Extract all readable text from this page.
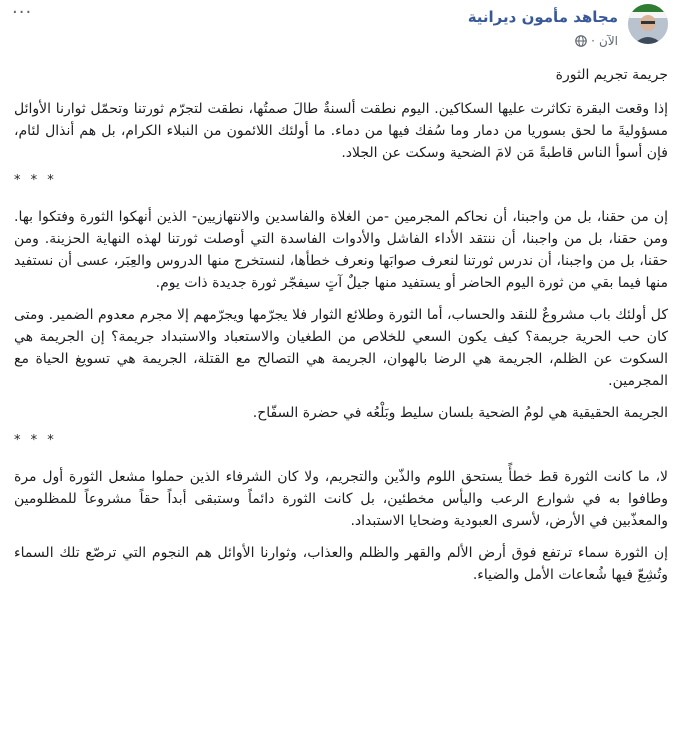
مجاهد مأمون ديرانية
الآن
·
···

جريمة تجريم الثورة

إذا وقعت البقرة تكاثرت عليها السكاكين. اليوم نطقت ألسنةٌ طالَ صمتُها، نطقت لتجرّم ثورتنا وتحمّل ثوارنا الأوائل مسؤوليةَ ما لحق بسوريا من دمار وما سُفك فيها من دماء. ما أولئك اللائمون من النبلاء الكرام، بل هم أنذال لئام، فإن أسوأ الناس قاطبةً مَن لامَ الضحية وسكت عن الجلاد.

* * *

إن من حقنا، بل من واجبنا، أن نحاكم المجرمين -من الغلاة والفاسدين والانتهازيين- الذين أنهكوا الثورة وفتكوا بها. ومن حقنا، بل من واجبنا، أن ننتقد الأداء الفاشل والأدوات الفاسدة التي أوصلت ثورتنا لهذه النهاية الحزينة. ومن حقنا، بل من واجبنا، أن ندرس ثورتنا لنعرف صوابَها ونعرف خطأها، لنستخرج منها الدروس والعِبَر، عسى أن نستفيد منها فيما بقي من ثورة اليوم الحاضر أو يستفيد منها جيلٌ آتٍ سيفجّر ثورة جديدة ذات يوم.

كل أولئك باب مشروعٌ للنقد والحساب، أما الثورة وطلائع الثوار فلا يجرّمها ويجرّمهم إلا مجرم معدوم الضمير. ومتى كان حب الحرية جريمة؟ كيف يكون السعي للخلاص من الطغيان والاستعباد والاستبداد جريمة؟ إن الجريمة هي السكوت عن الظلم، الجريمة هي الرضا بالهوان، الجريمة هي التصالح مع القتلة، الجريمة هي تسويغ الحياة مع المجرمين.

الجريمة الحقيقية هي لومُ الضحية بلسان سليط وبَلْعُه في حضرة السفّاح.

* * *

لا، ما كانت الثورة قط خطأً يستحق اللوم والذّين والتجريم، ولا كان الشرفاء الذين حملوا مشعل الثورة أول مرة وطافوا به في شوارع الرعب واليأس مخطئين، بل كانت الثورة دائماً وستبقى أبداً حقاً مشروعاً للمظلومين والمعذّبين في الأرض، لأسرى العبودية وضحايا الاستبداد.

إن الثورة سماء ترتفع فوق أرض الألم والقهر والظلم والعذاب، وثوارنا الأوائل هم النجوم التي ترصّع تلك السماء وتُشِعّ فيها شُعاعات الأمل والضياء.
